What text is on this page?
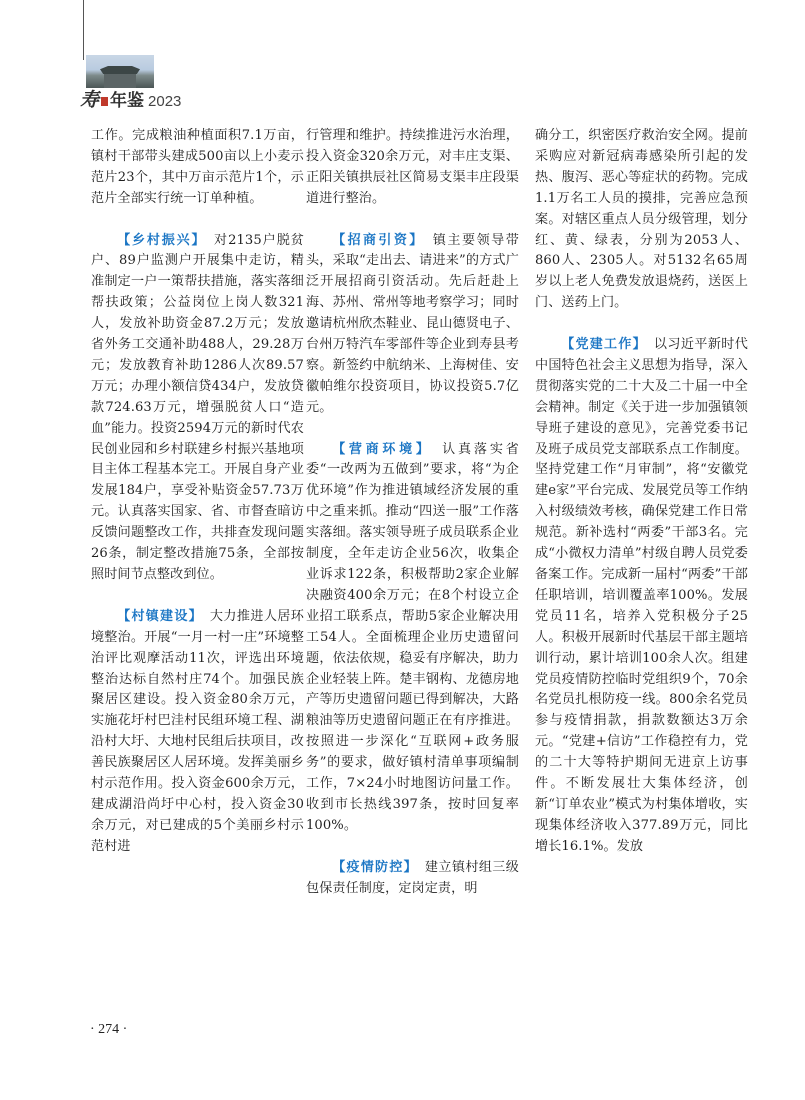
寿 年鉴 2023

工作。完成粮油种植面积7.1万亩，镇村干部带头建成500亩以上小麦示范片23个，其中万亩示范片1个，示范片全部实行统一订单种植。

【乡村振兴】　 对2135户脱贫户、89户监测户开展集中走访，精准制定一户一策帮扶措施，落实落细帮扶政策；公益岗位上岗人数321人，发放补助资金87.2万元；发放省外务工交通补助488人，29.28万元；发放教育补助1286人次89.57万元；办理小额信贷434户，发放贷款724.63万元，增强脱贫人口“造血”能力。投资2594万元的新时代农民创业园和乡村联建乡村振兴基地项目主体工程基本完工。开展自身产业发展184户，享受补贴资金57.73万元。认真落实国家、省、市督查暗访反馈问题整改工作，共排查发现问题26条，制定整改措施75条，全部按照时间节点整改到位。

【村镇建设】　 大力推进人居环境整治。开展“一月一村一庄”环境整治评比观摩活动11次，评选出环境整治达标自然村庄74个。加强民族聚居区建设。投入资金80余万元，实施花圩村巴洼村民组环境工程、湖沿村大圩、大地村民组后扶项目，改善民族聚居区人居环境。发挥美丽乡村示范作用。投入资金600余万元，建成湖沿尚圩中心村，投入资金30余万元，对已建成的5个美丽乡村示范村进

行管理和维护。持续推进污水治理，投入资金320余万元，对丰庄支渠、正阳关镇拱辰社区简易支渠丰庄段渠道进行整治。

【招商引资】　 镇主要领导带头，采取“走出去、请进来”的方式广泛开展招商引资活动。先后赶赴上海、苏州、常州等地考察学习；同时邀请杭州欣杰鞋业、昆山德贤电子、台州万特汽车零部件等企业到寿县考察。新签约中航纳米、上海树佳、安徽帕维尔投资项目，协议投资5.7亿元。

【营商环境】　 认真落实省委“一改两为五做到”要求，将“为企优环境”作为推进镇域经济发展的重中之重来抓。推动“四送一服”工作落实落细。落实领导班子成员联系企业制度，全年走访企业56次，收集企业诉求122条，积极帮助2家企业解决融资400余万元；在8个村设立企业招工联系点，帮助5家企业解决用工54人。全面梳理企业历史遗留问题，依法依规，稳妥有序解决，助力企业轻装上阵。楚丰钢构、龙德房地产等历史遗留问题已得到解决，大路粮油等历史遗留问题正在有序推进。按照进一步深化“互联网+政务服务”的要求，做好镇村清单事项编制工作，7×24小时地图访问量工作。收到市长热线397条，按时回复率100%。

【疫情防控】　 建立镇村组三级包保责任制度，定岗定责，明

确分工，织密医疗救治安全网。提前采购应对新冠病毒感染所引起的发热、腹泻、恶心等症状的药物。完成1.1万名工人员的摸排，完善应急预案。对辖区重点人员分级管理，划分红、黄、绿表，分别为2053人、860人、2305人。对5132名65周岁以上老人免费发放退烧药，送医上门、送药上门。

【党建工作】　 以习近平新时代中国特色社会主义思想为指导，深入贯彻落实党的二十大及二十届一中全会精神。制定《关于进一步加强镇领导班子建设的意见》，完善党委书记及班子成员党支部联系点工作制度。坚持党建工作“月审制”，将“安徽党建e家”平台完成、发展党员等工作纳入村级绩效考核，确保党建工作日常规范。新补选村“两委”干部3名。完成“小微权力清单”村级自聘人员党委备案工作。完成新一届村“两委”干部任职培训，培训覆盖率100%。发展党员11名，培养入党积极分子25人。积极开展新时代基层干部主题培训行动，累计培训100余人次。组建党员疫情防控临时党组织9个，70余名党员扎根防疫一线。800余名党员参与疫情捐款，捐款数额达3万余元。“党建+信访”工作稳控有力，党的二十大等特护期间无进京上访事件。不断发展壮大集体经济，创新“订单农业”模式为村集体增收，实现集体经济收入377.89万元，同比增长16.1%。发放

· 274 ·
